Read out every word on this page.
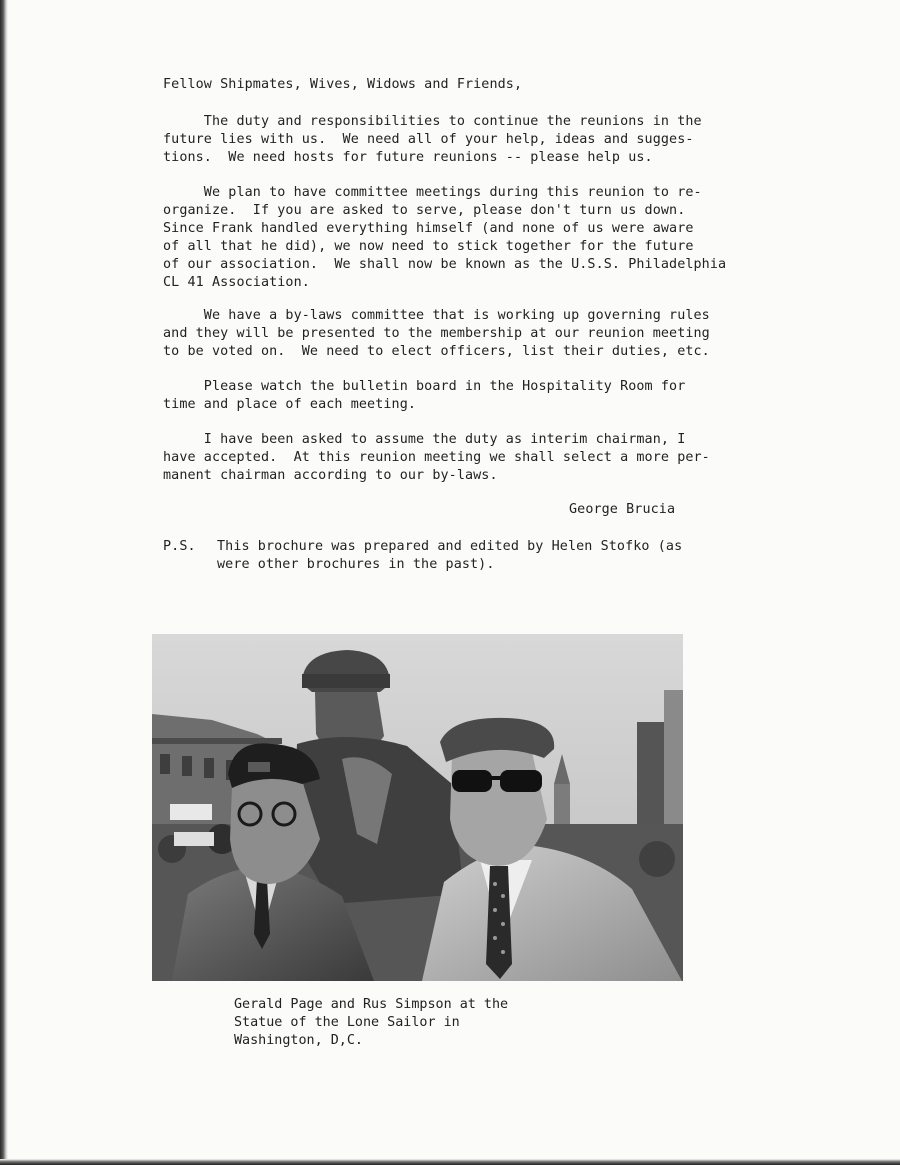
Fellow Shipmates, Wives, Widows and Friends,
The duty and responsibilities to continue the reunions in the
future lies with us.  We need all of your help, ideas and sugges-
tions.  We need hosts for future reunions -- please help us.
We plan to have committee meetings during this reunion to re-
organize.  If you are asked to serve, please don't turn us down.
Since Frank handled everything himself (and none of us were aware
of all that he did), we now need to stick together for the future
of our association.  We shall now be known as the U.S.S. Philadelphia
CL 41 Association.
We have a by-laws committee that is working up governing rules
and they will be presented to the membership at our reunion meeting
to be voted on.  We need to elect officers, list their duties, etc.
Please watch the bulletin board in the Hospitality Room for
time and place of each meeting.
I have been asked to assume the duty as interim chairman, I
have accepted.  At this reunion meeting we shall select a more per-
manent chairman according to our by-laws.
George Brucia
P.S. This brochure was prepared and edited by Helen Stofko (as
were other brochures in the past).
Gerald Page and Rus Simpson at the
Statue of the Lone Sailor in
Washington, D,C.
